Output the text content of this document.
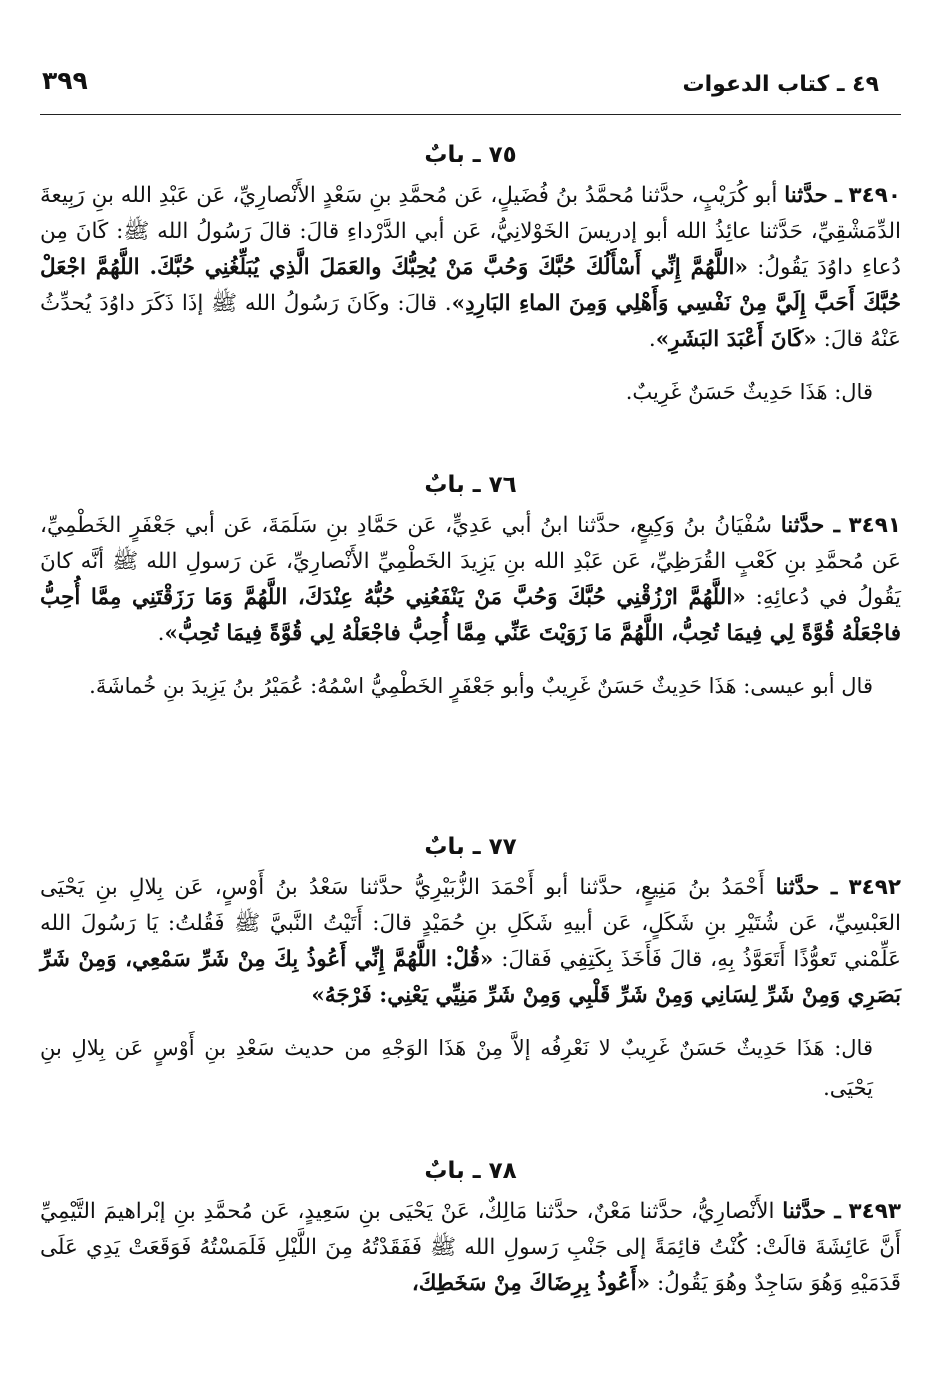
٤٩ ـ كتاب الدعوات
٣٩٩
٧٥ ـ بابٌ

٣٤٩٠ ـ حدَّثنا أبو كُرَيْبٍ، حدَّثنا مُحمَّدُ بنُ فُضَيلٍ، عَن مُحمَّدِ بنِ سَعْدٍ الأَنْصارِيِّ، عَن عَبْدِ الله بنِ رَبِيعةَ الدِّمَشْقِيِّ، حَدَّثنا عائِذُ الله أبو إدريسَ الخَوْلانِيُّ، عَن أبي الدَّرْداءِ قالَ: قالَ رَسُولُ الله ﷺ: كَانَ مِن دُعاءِ داوُدَ يَقُولُ: «اللَّهُمَّ إِنِّي أَسْأَلُكَ حُبَّكَ وَحُبَّ مَنْ يُحِبُّكَ والعَمَلَ الَّذِي يُبَلِّغُنِي حُبَّكَ. اللَّهُمَّ اجْعَلْ حُبَّكَ أَحَبَّ إِلَيَّ مِنْ نَفْسِي وَأَهْلِي وَمِنَ الماءِ البَارِدِ». قالَ: وكَانَ رَسُولُ الله ﷺ إذَا ذَكَرَ داوُدَ يُحدِّثُ عَنْهُ قالَ: «كَانَ أَعْبَدَ البَشَرِ».

قال: هَذَا حَدِيثٌ حَسَنٌ غَرِيبٌ.

٧٦ ـ بابٌ

٣٤٩١ ـ حدَّثنا سُفْيَانُ بنُ وَكِيعٍ، حدَّثنا ابنُ أبي عَدِيٍّ، عَن حَمَّادِ بنِ سَلَمَةَ، عَن أبي جَعْفَرٍ الخَطْمِيِّ، عَن مُحمَّدِ بنِ كَعْبٍ القُرَظِيِّ، عَن عَبْدِ الله بنِ يَزِيدَ الخَطْمِيِّ الأَنْصارِيِّ، عَن رَسولِ الله ﷺ أنَّه كانَ يَقُولُ في دُعائِهِ: «اللَّهُمَّ ارْزُقْنِي حُبَّكَ وَحُبَّ مَنْ يَنْفَعُنِي حُبُّهُ عِنْدَكَ، اللَّهُمَّ وَمَا رَزَقْتَنِي مِمَّا أُحِبُّ فاجْعَلْهُ قُوَّةً لِي فِيمَا تُحِبُّ، اللَّهُمَّ مَا زَوَيْتَ عَنِّي مِمَّا أُحِبُّ فاجْعَلْهُ لِي قُوَّةً فِيمَا تُحِبُّ».

قال أبو عيسى: هَذَا حَدِيثٌ حَسَنٌ غَرِيبٌ وأبو جَعْفَرٍ الخَطْمِيُّ اسْمُهُ: عُمَيْرُ بنُ يَزِيدَ بنِ خُماشَةَ.

٧٧ ـ بابٌ

٣٤٩٢ ـ حدَّثنا أَحْمَدُ بنُ مَنِيعٍ، حدَّثنا أبو أَحْمَدَ الزُّبَيْرِيُّ حدَّثنا سَعْدُ بنُ أَوْسٍ، عَن بِلالِ بنِ يَحْيَى العَبْسِيِّ، عَن شُتَيْرِ بنِ شَكَلٍ، عَن أبيهِ شَكَلِ بنِ حُمَيْدٍ قالَ: أَتَيْتُ النَّبيَّ ﷺ فَقُلتُ: يَا رَسُولَ الله عَلِّمْني تَعوُّذًا أَتَعَوَّذُ بِهِ، قالَ فَأَخَذَ بِكَتِفِي فَقالَ: «قُلْ: اللَّهُمَّ إِنِّي أَعُوذُ بِكَ مِنْ شَرِّ سَمْعِي، وَمِنْ شَرِّ بَصَرِي وَمِنْ شَرِّ لِسَانِي وَمِنْ شَرِّ قَلْبِي وَمِنْ شَرِّ مَنِيِّي يَعْنِي: فَرْجَهُ»

قال: هَذَا حَدِيثٌ حَسَنٌ غَرِيبٌ لا نَعْرِفُه إلاَّ مِنْ هَذَا الوَجْهِ من حديث سَعْدِ بنِ أَوْسٍ عَن بِلالِ بنِ يَحْيَى.

٧٨ ـ بابٌ

٣٤٩٣ ـ حدَّثنا الأَنْصارِيُّ، حدَّثنا مَعْنٌ، حدَّثنا مَالِكٌ، عَنْ يَحْيَى بنِ سَعِيدٍ، عَن مُحمَّدِ بنِ إبْراهيمَ التَّيْمِيِّ أَنَّ عَائِشَةَ قالَتْ: كُنْتُ قائِمَةً إلى جَنْبِ رَسولِ الله ﷺ فَفَقَدْتُهُ مِنَ اللَّيْلِ فَلَمَسْتُهُ فَوَقَعَتْ يَدِي عَلَى قَدَمَيْهِ وَهُوَ سَاجِدٌ وهُوَ يَقُولُ: «أَعُوذُ بِرِضَاكَ مِنْ سَخَطِكَ،
